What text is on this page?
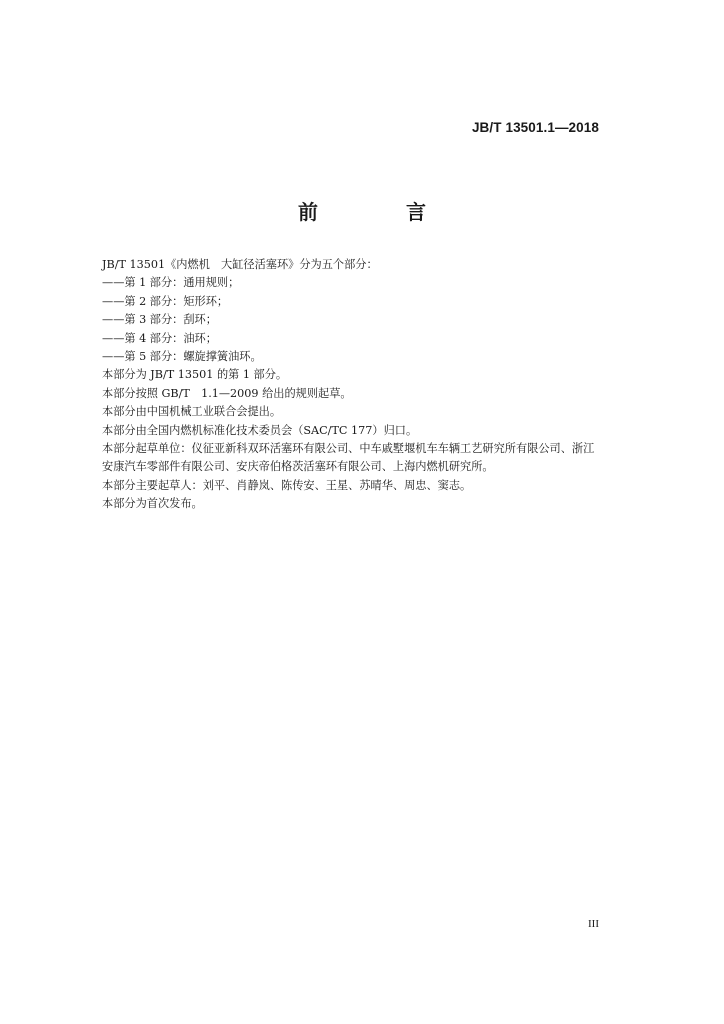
JB/T 13501.1—2018
前　言

JB/T 13501《内燃机　大缸径活塞环》分为五个部分：

——第 1 部分：通用规则；

——第 2 部分：矩形环；

——第 3 部分：刮环；

——第 4 部分：油环；

——第 5 部分：螺旋撑簧油环。

本部分为 JB/T 13501 的第 1 部分。

本部分按照 GB/T　1.1—2009 给出的规则起草。

本部分由中国机械工业联合会提出。

本部分由全国内燃机标准化技术委员会（SAC/TC 177）归口。

本部分起草单位：仪征亚新科双环活塞环有限公司、中车戚墅堰机车车辆工艺研究所有限公司、浙江安康汽车零部件有限公司、安庆帝伯格茨活塞环有限公司、上海内燃机研究所。

本部分主要起草人：刘平、肖静岚、陈传安、王星、苏晴华、周忠、窦志。

本部分为首次发布。

III
